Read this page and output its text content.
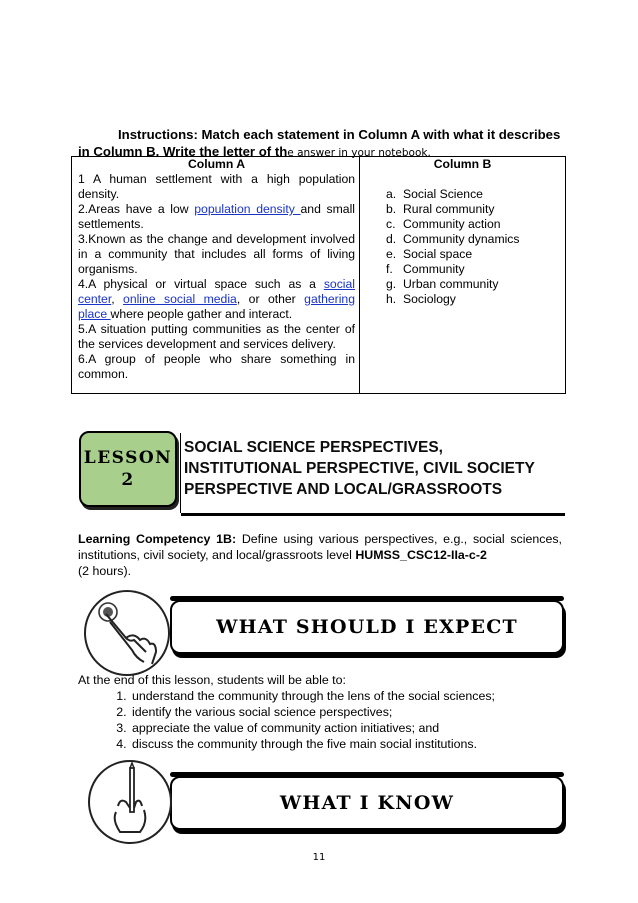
Instructions: Match each statement in Column A with what it describes in Column B. Write the letter of the answer in your notebook.
Column A

1 A human settlement with a high population density.

2.Areas have a low population density and small settlements.

3.Known as the change and development involved in a community that includes all forms of living organisms.

4.A physical or virtual space such as a social center, online social media, or other gathering place where people gather and interact.

5.A situation putting communities as the center of the services development and services delivery.

6.A group of people who share something in common.

Column B
a. Social Science
b. Rural community
c. Community action
d. Community dynamics
e. Social space
f. Community
g. Urban community
h. Sociology
LESSON
2
SOCIAL SCIENCE PERSPECTIVES,
INSTITUTIONAL PERSPECTIVE, CIVIL SOCIETY
PERSPECTIVE AND LOCAL/GRASSROOTS
Learning Competency 1B: Define using various perspectives, e.g., social sciences, institutions, civil society, and local/grassroots level HUMSS_CSC12-IIa-c-2
(2 hours).
WHAT SHOULD I EXPECT
At the end of this lesson, students will be able to:
1. understand the community through the lens of the social sciences;
2. identify the various social science perspectives;
3. appreciate the value of community action initiatives; and
4. discuss the community through the five main social institutions.
WHAT I KNOW
11
